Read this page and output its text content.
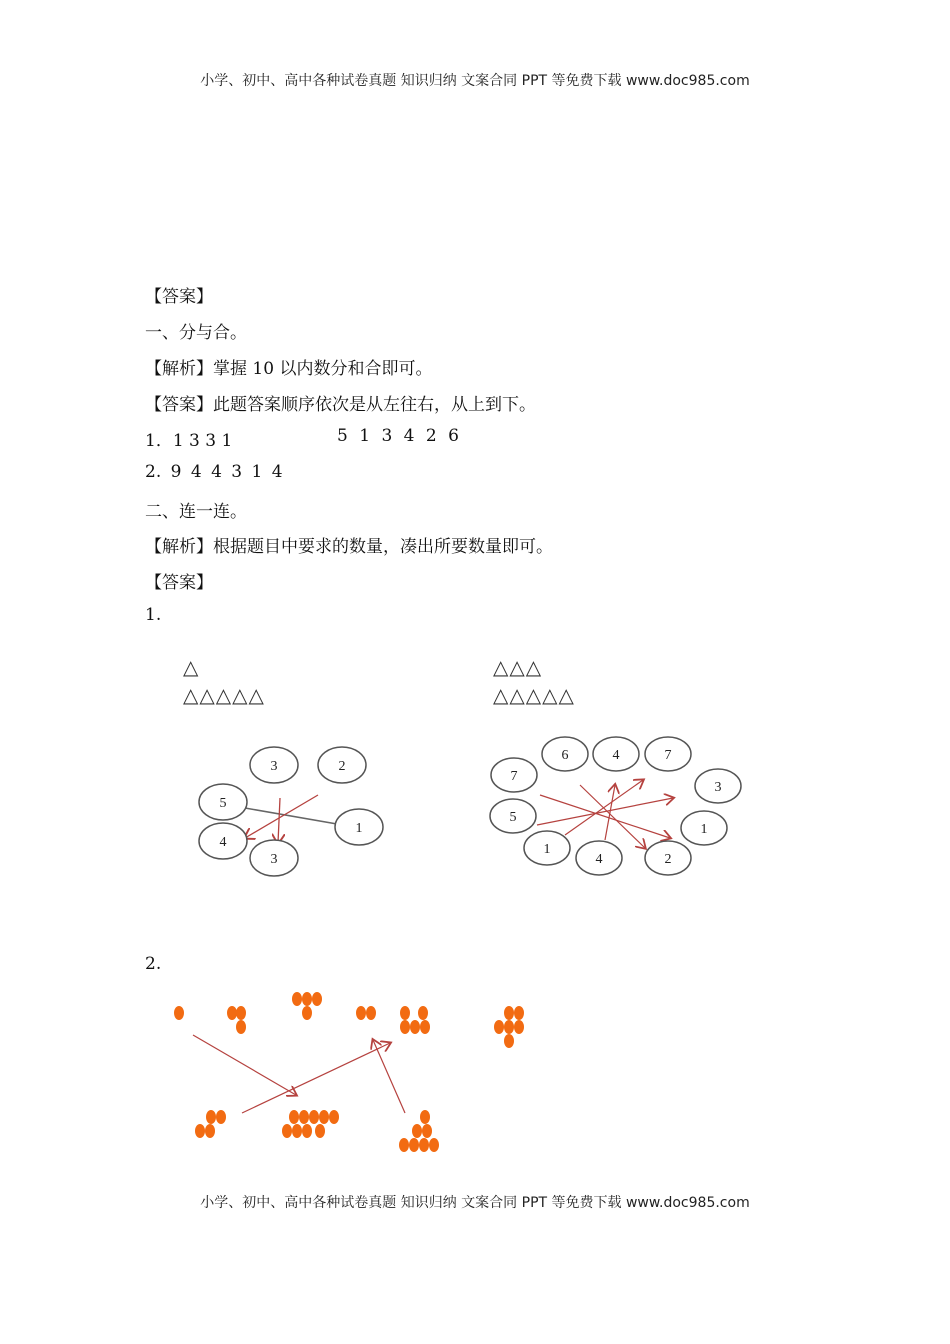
小学、初中、高中各种试卷真题 知识归纳 文案合同 PPT 等免费下载 www.doc985.com
【答案】
一、分与合。
【解析】掌握 10 以内数分和合即可。
【答案】此题答案顺序依次是从左往右，从上到下。
1．1 3 3 1	5 1 3 4 2 6
2. 9 4 4 3 1 4
二、连一连。
【解析】根据题目中要求的数量，凑出所要数量即可。
【答案】
1.
△
△△△△△
△△△
△△△△△
3	2
5
1
4
3
6	4	7
7
3
5
1
1
4	2
2.
小学、初中、高中各种试卷真题 知识归纳 文案合同 PPT 等免费下载 www.doc985.com
